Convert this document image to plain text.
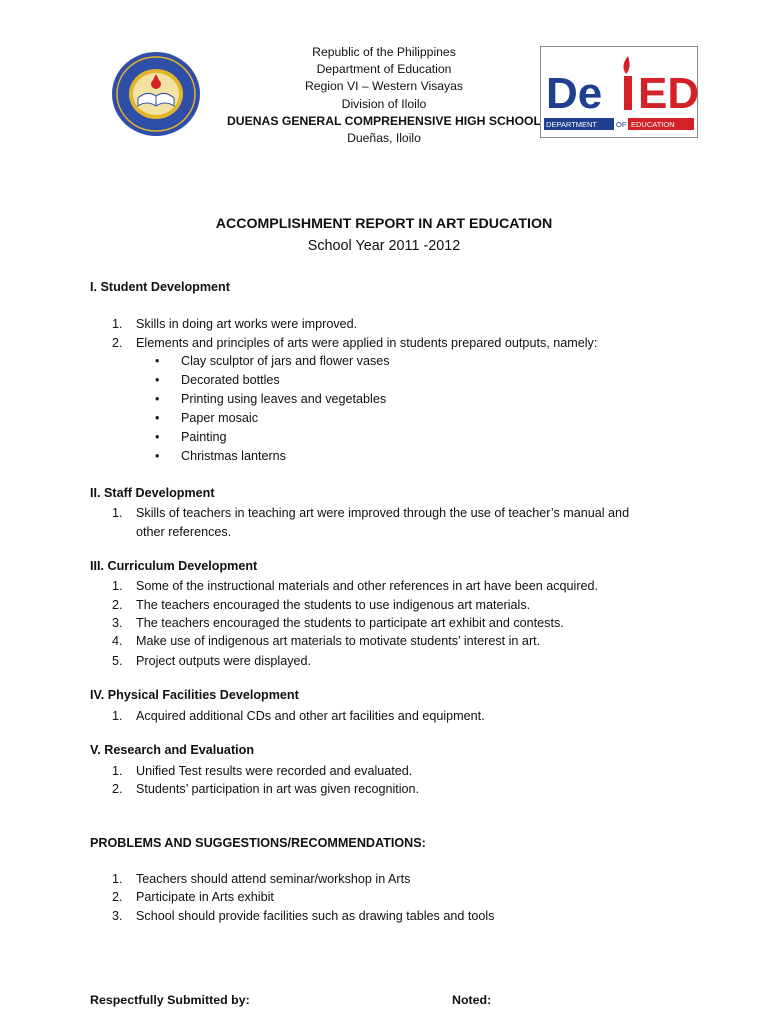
Republic of the Philippines
Department of Education
Region VI – Western Visayas
Division of Iloilo
DUENAS GENERAL COMPREHENSIVE HIGH SCHOOL
Dueñas, Iloilo
De ED
DEPARTMENT	OF EDUCATION
ACCOMPLISHMENT REPORT IN ART EDUCATION
School Year 2011 -2012
I. Student Development
1.	Skills in doing art works were improved.
2.	Elements and principles of arts were applied in students prepared outputs, namely:
• Clay sculptor of jars and flower vases
• Decorated bottles
• Printing using leaves and vegetables
• Paper mosaic
• Painting
• Christmas lanterns
II. Staff Development
1.	Skills of teachers in teaching art were improved through the use of teacher’s manual and other references.
III. Curriculum Development
1.	Some of the instructional materials and other references in art have been acquired.
2.	The teachers encouraged the students to use indigenous art materials.
3.	The teachers encouraged the students to participate art exhibit and contests.
4.	Make use of indigenous art materials to motivate students’ interest in art.
5.	Project outputs were displayed.
IV. Physical Facilities Development
1.	Acquired additional CDs and other art facilities and equipment.
V. Research and Evaluation
1.	Unified Test results were recorded and evaluated.
2.	Students’ participation in art was given recognition.
PROBLEMS AND SUGGESTIONS/RECOMMENDATIONS:
1.	Teachers should attend seminar/workshop in Arts
2.	Participate in Arts exhibit
3.	School should provide facilities such as drawing tables and tools
Respectfully Submitted by:	Noted:
